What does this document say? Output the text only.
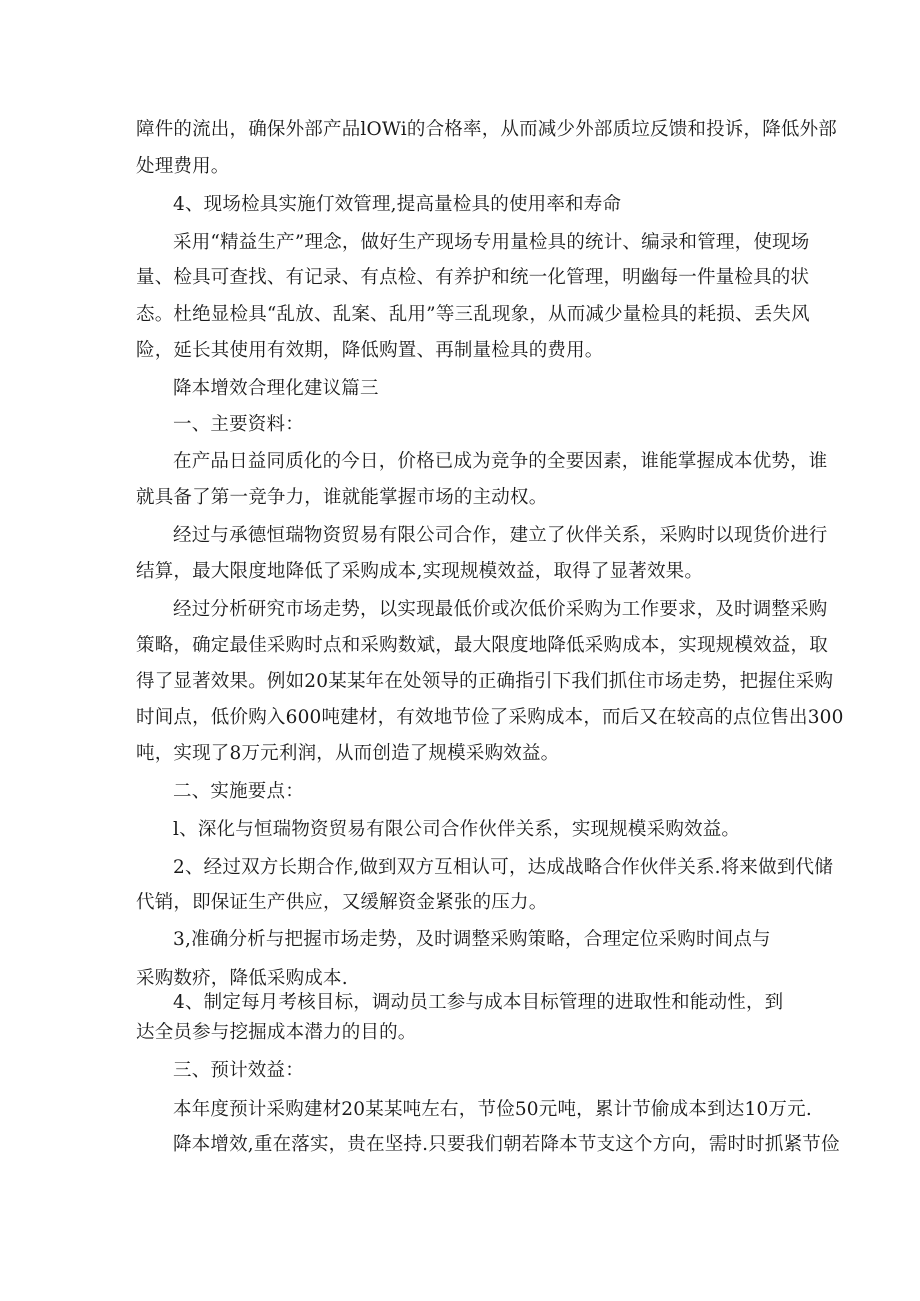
障件的流出，确保外部产品lOWi的合格率，从而减少外部质垃反馈和投诉，降低外部

处理费用。

4、现场检具实施仃效管理,提高量检具的使用率和寿命

采用“精益生产”理念，做好生产现场专用量检具的统计、编录和管理，使现场

量、检具可查找、有记录、有点检、有养护和统一化管理，明幽每一件量检具的状

态。杜绝显检具“乱放、乱案、乱用”等三乱现象，从而减少量检具的耗损、丢失风

险，延长其使用有效期，降低购置、再制量检具的费用。

降本增效合理化建议篇三

一、主要资料：

在产品日益同质化的今日，价格已成为竞争的全要因素，谁能掌握成本优势，谁

就具备了第一竞争力，谁就能掌握市场的主动权。

经过与承德恒瑞物资贸易有限公司合作，建立了伙伴关系，采购时以现货价进行

结算，最大限度地降低了采购成本,实现规模效益，取得了显著效果。

经过分析研究市场走势，以实现最低价或次低价采购为工作要求，及时调整采购

策略，确定最佳采购时点和采购数斌，最大限度地降低采购成本，实现规模效益，取

得了显著效果。例如20某某年在处领导的正确指引下我们抓住市场走势，把握住采购

时间点，低价购入600吨建材，有效地节俭了采购成本，而后又在较高的点位售出300

吨，实现了8万元利润，从而创造了规模采购效益。

二、实施要点：

l、深化与恒瑞物资贸易有限公司合作伙伴关系，实现规模采购效益。

2、经过双方长期合作,做到双方互相认可，达成战略合作伙伴关系.将来做到代储

代销，即保证生产供应，又缓解资金紧张的压力。

3,准确分析与把握市场走势，及时调整采购策略，合理定位采购时间点与

采购数疥，降低采购成本.

4、制定每月考核目标，调动员工参与成本目标管理的进取性和能动性，到

达全员参与挖掘成本潜力的目的。

三、预计效益：

本年度预计采购建材20某某吨左右，节俭50元吨，累计节偷成本到达10万元.

降本增效,重在落实，贵在坚持.只要我们朝若降本节支这个方向，需时时抓紧节俭
